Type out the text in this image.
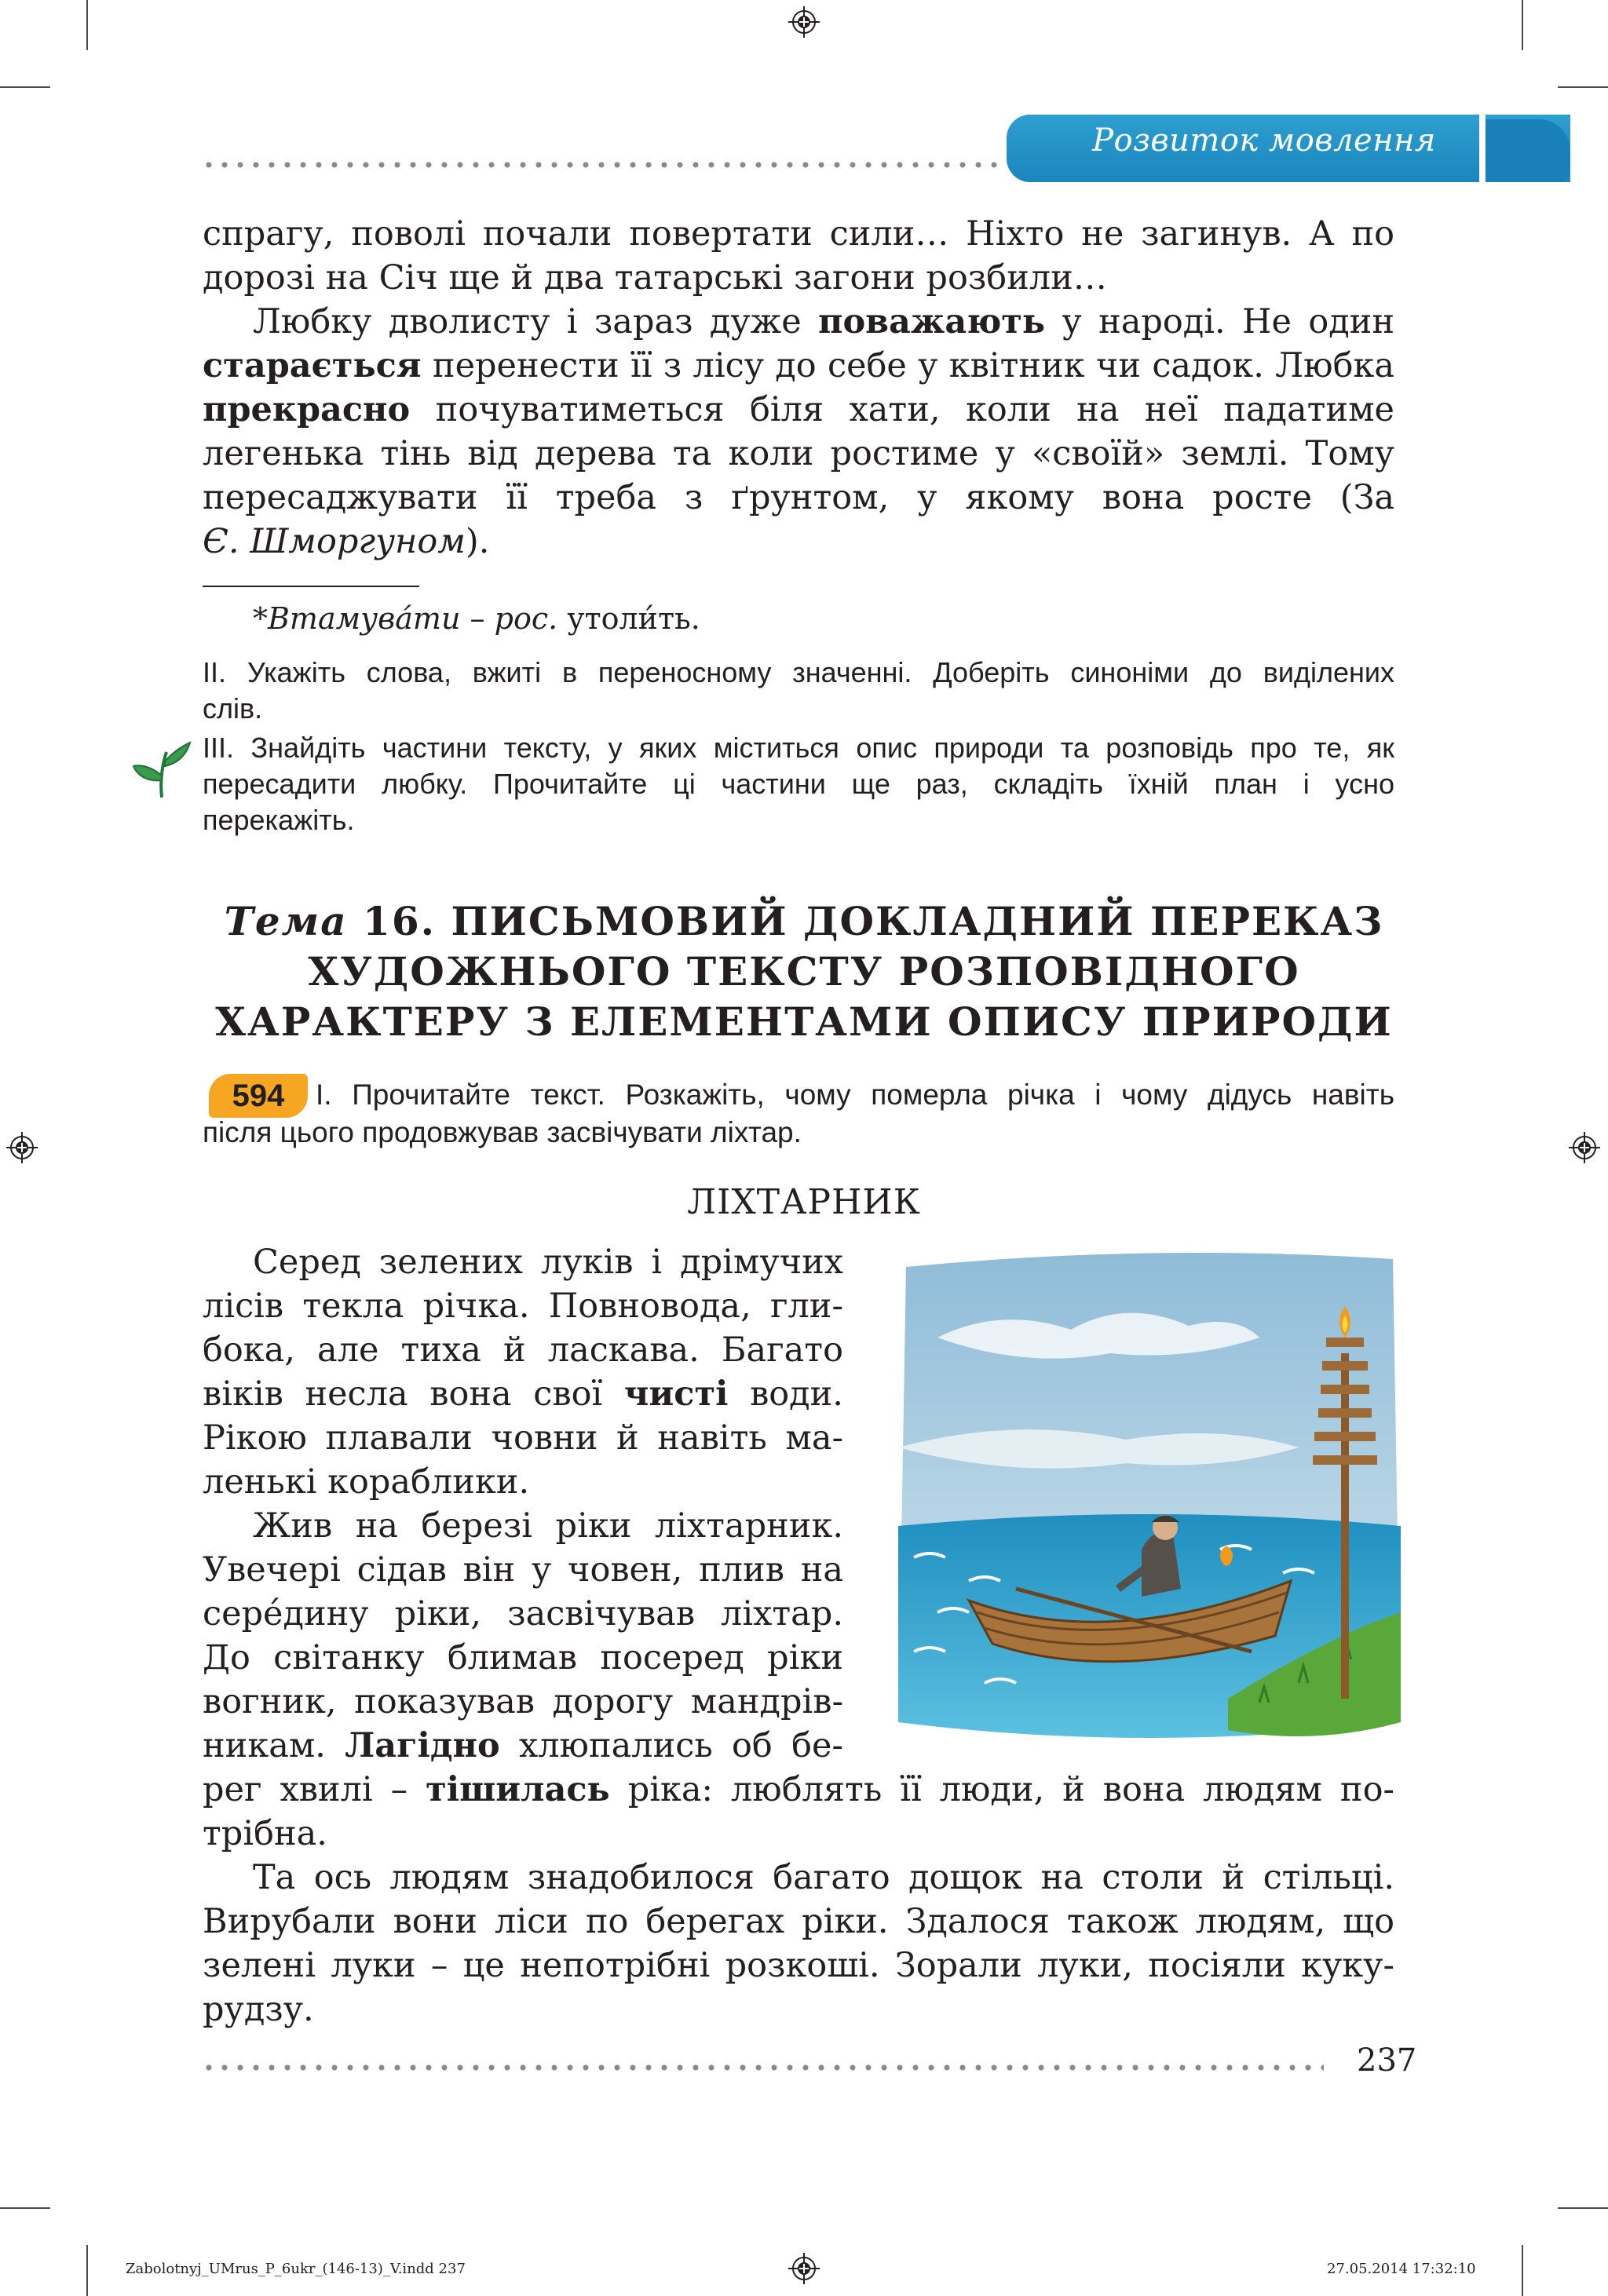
Розвиток мовлення
спрагу, поволі почали повертати сили… Ніхто не загинув. А по
дорозі на Січ ще й два татарські загони розбили…
Любку дволисту і зараз дуже поважають у народі. Не один
старається перенести її з лісу до себе у квітник чи садок. Любка
прекрасно почуватиметься біля хати, коли на неї падатиме
легенька тінь від дерева та коли ростиме у «своїй» землі. Тому
пересаджувати її треба з ґрунтом, у якому вона росте (За
Є. Шморгуном).
*Втамува́ти – рос. утоли́ть.
II. Укажіть слова, вжиті в переносному значенні. Доберіть синоніми до виділених
слів.
III. Знайдіть частини тексту, у яких міститься опис природи та розповідь про те, як
пересадити любку. Прочитайте ці частини ще раз, складіть їхній план і усно
перекажіть.
Тема 16. ПИСЬМОВИЙ ДОКЛАДНИЙ ПЕРЕКАЗ
ХУДОЖНЬОГО ТЕКСТУ РОЗПОВІДНОГО
ХАРАКТЕРУ З ЕЛЕМЕНТАМИ ОПИСУ ПРИРОДИ
594	І. Прочитайте текст. Розкажіть, чому померла річка і чому дідусь навіть
після цього продовжував засвічувати ліхтар.
ЛІХТАРНИК
Серед зелених луків і дрімучих
лісів текла річка. Повновода, гли-
бока, але тиха й ласкава. Багато
віків несла вона свої чисті води.
Рікою плавали човни й навіть ма-
ленькі кораблики.
Жив на березі ріки ліхтарник.
Увечері сідав він у човен, плив на
сере́дину ріки, засвічував ліхтар.
До світанку блимав посеред ріки
вогник, показував дорогу мандрів-
никам. Лагідно хлюпались об бе-
рег хвилі – тішилась ріка: люблять її люди, й вона людям по-
трібна.
Та ось людям знадобилося багато дощок на столи й стільці.
Вирубали вони ліси по берегах ріки. Здалося також людям, що
зелені луки – це непотрібні розкоші. Зорали луки, посіяли куку-
рудзу.
237
Zabolotnyj_UMrus_P_6ukr_(146-13)_V.indd 237	27.05.2014 17:32:10
